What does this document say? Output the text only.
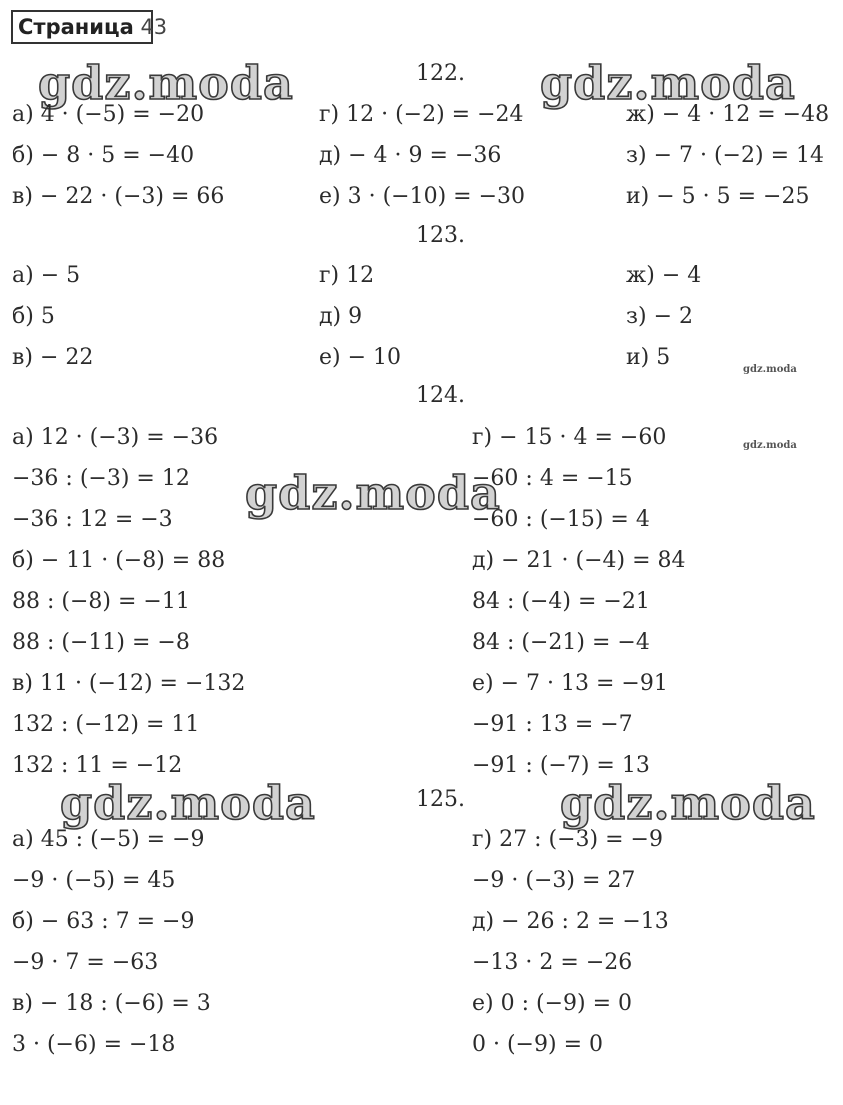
Страница 43
gdz.moda	gdz.moda
gdz.moda
gdz.moda	gdz.moda
gdz.moda
gdz.moda
122.
а) 4 · (−5) = −20
б) − 8 · 5 = −40
в) − 22 · (−3) = 66
г) 12 · (−2) = −24
д) − 4 · 9 = −36
е) 3 · (−10) = −30
ж) − 4 · 12 = −48
з) − 7 · (−2) = 14
и) − 5 · 5 = −25
123.
а) − 5
б) 5
в) − 22
г) 12
д) 9
е) − 10
ж) − 4
з) − 2
и) 5
124.
а) 12 · (−3) = −36
−36 : (−3) = 12
−36 : 12 = −3
б) − 11 · (−8) = 88
88 : (−8) = −11
88 : (−11) = −8
в) 11 · (−12) = −132
132 : (−12) = 11
132 : 11 = −12
г) − 15 · 4 = −60
−60 : 4 = −15
−60 : (−15) = 4
д) − 21 · (−4) = 84
84 : (−4) = −21
84 : (−21) = −4
е) − 7 · 13 = −91
−91 : 13 = −7
−91 : (−7) = 13
125.
а) 45 : (−5) = −9
−9 · (−5) = 45
б) − 63 : 7 = −9
−9 · 7 = −63
в) − 18 : (−6) = 3
3 · (−6) = −18
г) 27 : (−3) = −9
−9 · (−3) = 27
д) − 26 : 2 = −13
−13 · 2 = −26
е) 0 : (−9) = 0
0 · (−9) = 0
